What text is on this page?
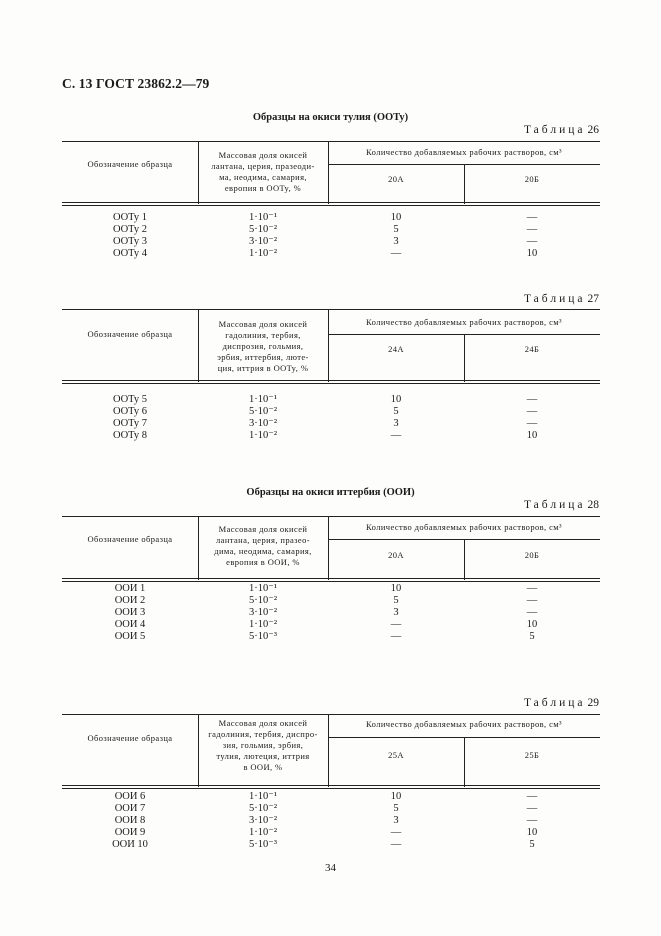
С. 13 ГОСТ 23862.2—79
Образцы на окиси тулия (OOTy)
Образцы на окиси иттербия (ООИ)
Таблица 26
Обозначение образца
Массовая доля окисей
лантана, церия, празеоди-
ма, неодима, самария,
европия в OOTy, %
Количество добавляемых рабочих растворов, см³
20А	20Б
OOTy 1	1·10⁻¹	10	—
OOTy 2	5·10⁻²	5	—
OOTy 3	3·10⁻²	3	—
OOTy 4	1·10⁻²	—	10
Таблица 27
Обозначение образца
Массовая доля окисей
гадолиния, тербия,
диспрозия, гольмия,
эрбия, иттербия, лютe-
ция, иттрия в OOTy, %
Количество добавляемых рабочих растворов, см³
24А	24Б
OOTy 5	1·10⁻¹	10	—
OOTy 6	5·10⁻²	5	—
OOTy 7	3·10⁻²	3	—
OOTy 8	1·10⁻²	—	10
Таблица 28
Обозначение образца
Массовая доля окисей
лантана, церия, празео-
дима, неодима, самария,
европия в ООИ, %
Количество добавляемых рабочих растворов, см³
20А	20Б
ООИ 1	1·10⁻¹	10	—
ООИ 2	5·10⁻²	5	—
ООИ 3	3·10⁻²	3	—
ООИ 4	1·10⁻²	—	10
ООИ 5	5·10⁻³	—	5
Таблица 29
Обозначение образца
Массовая доля окисей
гадолиния, тербия, диспро-
зия, гольмия, эрбия,
тулия, лютеция, иттрия
в ООИ, %
Количество добавляемых рабочих растворов, см³
25А	25Б
ООИ 6	1·10⁻¹	10	—
ООИ 7	5·10⁻²	5	—
ООИ 8	3·10⁻²	3	—
ООИ 9	1·10⁻²	—	10
ООИ 10	5·10⁻³	—	5
34
